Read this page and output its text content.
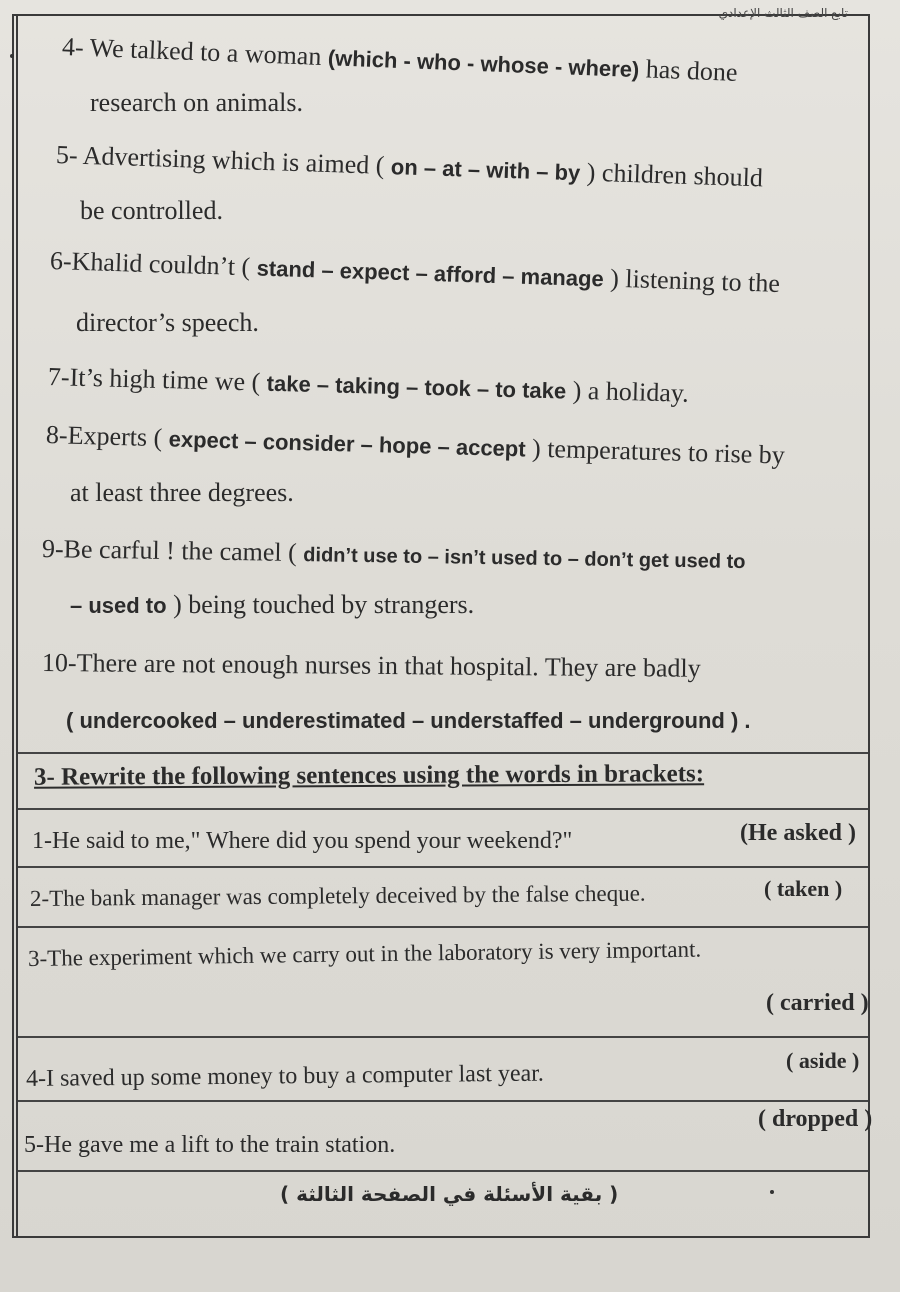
تابع الصف الثالث الإعدادي
4- We talked to a woman (which - who - whose - where) has done
research on animals.
5- Advertising which is aimed ( on – at – with – by ) children should
be controlled.
6-Khalid couldn’t ( stand – expect – afford – manage ) listening to the
director’s speech.
7-It’s high time we ( take – taking – took – to take ) a holiday.
8-Experts ( expect – consider – hope – accept ) temperatures to rise by
at least three degrees.
9-Be carful ! the camel ( didn’t use to – isn’t used to – don’t get used to
– used to ) being touched by strangers.
10-There are not enough nurses in that hospital. They are badly
( undercooked – underestimated – understaffed – underground ) .
3- Rewrite the following sentences using the words in brackets:
1-He said to me," Where did you spend your weekend?"	(He asked )
2-The bank manager was completely deceived by the false cheque.	( taken )
3-The experiment which we carry out in the laboratory is very important.
( carried )
( aside )
4-I saved up some money to buy a computer last year.
( dropped )
5-He gave me a lift to the train station.
( بقية الأسئلة في الصفحة الثالثة )
